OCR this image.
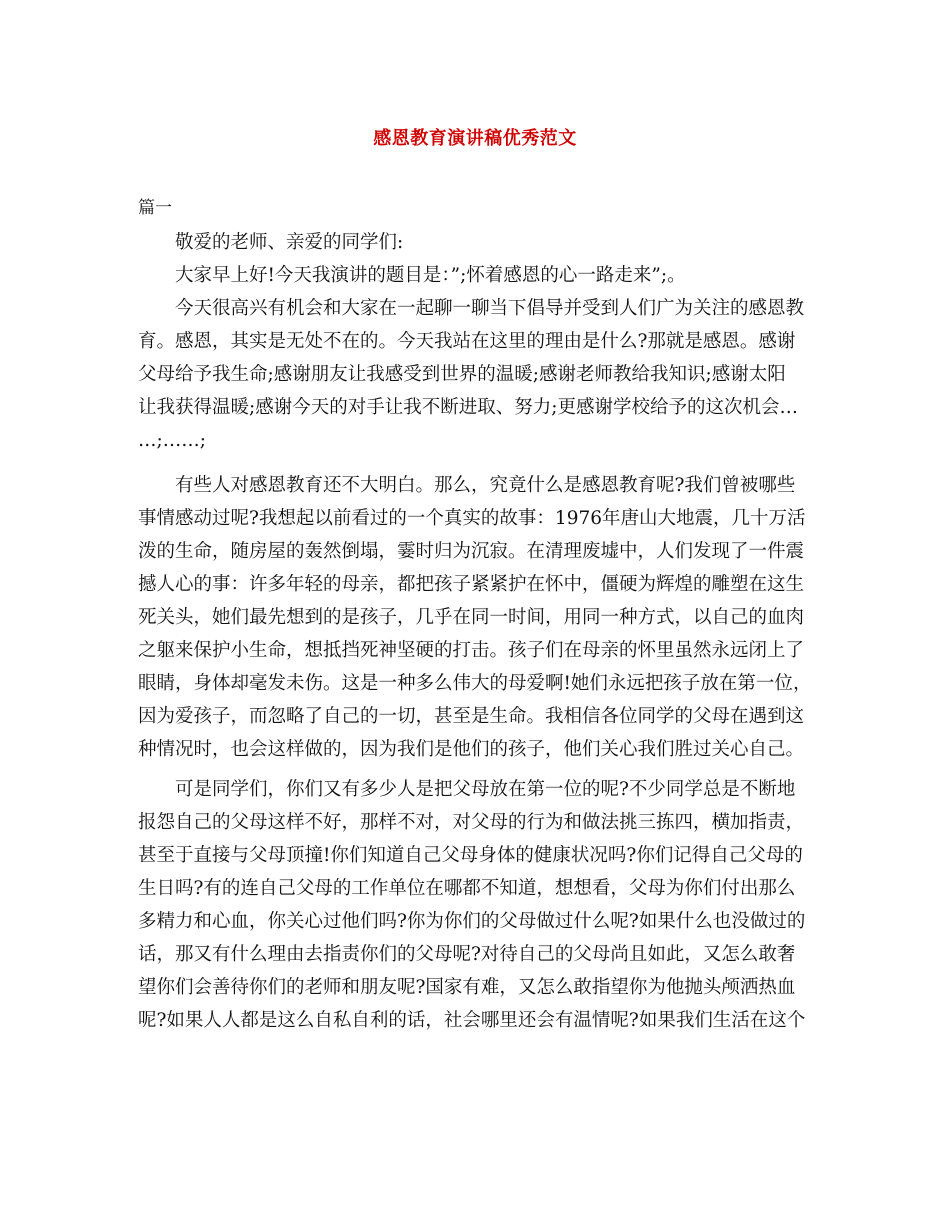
感恩教育演讲稿优秀范文
篇一
敬爱的老师、亲爱的同学们:
大家早上好!今天我演讲的题目是：”;怀着感恩的心一路走来”;。
今天很高兴有机会和大家在一起聊一聊当下倡导并受到人们广为关注的感恩教
育。感恩，其实是无处不在的。今天我站在这里的理由是什么?那就是感恩。感谢
父母给予我生命;感谢朋友让我感受到世界的温暖;感谢老师教给我知识;感谢太阳
让我获得温暖;感谢今天的对手让我不断进取、努力;更感谢学校给予的这次机会…
…;……;
有些人对感恩教育还不大明白。那么，究竟什么是感恩教育呢?我们曾被哪些
事情感动过呢?我想起以前看过的一个真实的故事：1976年唐山大地震，几十万活
泼的生命，随房屋的轰然倒塌，霎时归为沉寂。在清理废墟中，人们发现了一件震
撼人心的事：许多年轻的母亲，都把孩子紧紧护在怀中，僵硬为辉煌的雕塑在这生
死关头，她们最先想到的是孩子，几乎在同一时间，用同一种方式，以自己的血肉
之躯来保护小生命，想抵挡死神坚硬的打击。孩子们在母亲的怀里虽然永远闭上了
眼睛，身体却毫发未伤。这是一种多么伟大的母爱啊!她们永远把孩子放在第一位，
因为爱孩子，而忽略了自己的一切，甚至是生命。我相信各位同学的父母在遇到这
种情况时，也会这样做的，因为我们是他们的孩子，他们关心我们胜过关心自己。
可是同学们，你们又有多少人是把父母放在第一位的呢?不少同学总是不断地
报怨自己的父母这样不好，那样不对，对父母的行为和做法挑三拣四，横加指责，
甚至于直接与父母顶撞!你们知道自己父母身体的健康状况吗?你们记得自己父母的
生日吗?有的连自己父母的工作单位在哪都不知道，想想看，父母为你们付出那么
多精力和心血，你关心过他们吗?你为你们的父母做过什么呢?如果什么也没做过的
话，那又有什么理由去指责你们的父母呢?对待自己的父母尚且如此，又怎么敢奢
望你们会善待你们的老师和朋友呢?国家有难，又怎么敢指望你为他抛头颅洒热血
呢?如果人人都是这么自私自利的话，社会哪里还会有温情呢?如果我们生活在这个
